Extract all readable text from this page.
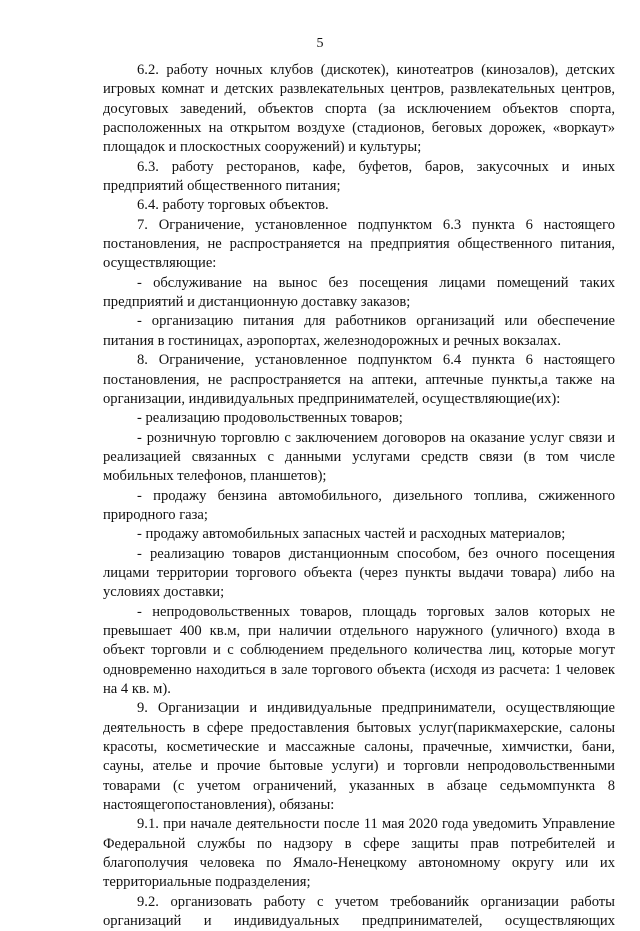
5

6.2. работу ночных клубов (дискотек), кинотеатров (кинозалов), детских игровых комнат и детских развлекательных центров, развлекательных центров, досуговых заведений, объектов спорта (за исключением объектов спорта, расположенных на открытом воздухе (стадионов, беговых дорожек, «воркаут» площадок и плоскостных сооружений) и культуры;

6.3. работу ресторанов, кафе, буфетов, баров, закусочных и иных предприятий общественного питания;

6.4. работу торговых объектов.

7. Ограничение, установленное подпунктом 6.3 пункта 6 настоящего постановления, не распространяется на предприятия общественного питания, осуществляющие:

- обслуживание на вынос без посещения лицами помещений таких предприятий и дистанционную доставку заказов;

- организацию питания для работников организаций или обеспечение питания в гостиницах, аэропортах, железнодорожных и речных вокзалах.

8. Ограничение, установленное подпунктом 6.4 пункта 6 настоящего постановления, не распространяется на аптеки, аптечные пункты,а также на организации, индивидуальных предпринимателей, осуществляющие(их):

- реализацию продовольственных товаров;

- розничную торговлю с заключением договоров на оказание услуг связи и реализацией связанных с данными услугами средств связи (в том числе мобильных телефонов, планшетов);

- продажу бензина автомобильного, дизельного топлива, сжиженного природного газа;

- продажу автомобильных запасных частей и расходных материалов;

- реализацию товаров дистанционным способом, без очного посещения лицами территории торгового объекта (через пункты выдачи товара) либо на условиях доставки;

- непродовольственных товаров, площадь торговых залов которых не превышает 400 кв.м, при наличии отдельного наружного (уличного) входа в объект торговли и с соблюдением предельного количества лиц, которые могут одновременно находиться в зале торгового объекта (исходя из расчета: 1 человек на 4 кв. м).

9. Организации и индивидуальные предприниматели, осуществляющие деятельность в сфере предоставления бытовых услуг(парикмахерские, салоны красоты, косметические и массажные салоны, прачечные, химчистки, бани, сауны, ателье и прочие бытовые услуги) и торговли непродовольственными товарами (с учетом ограничений, указанных в абзаце седьмомпункта 8 настоящегопостановления), обязаны:

9.1. при начале деятельности после 11 мая 2020 года уведомить Управление Федеральной службы по надзору в сфере защиты прав потребителей и благополучия человека по Ямало-Ненецкому автономному округу или их территориальные подразделения;

9.2. организовать работу с учетом требованийк организации работы организаций и индивидуальных предпринимателей, осуществляющих
